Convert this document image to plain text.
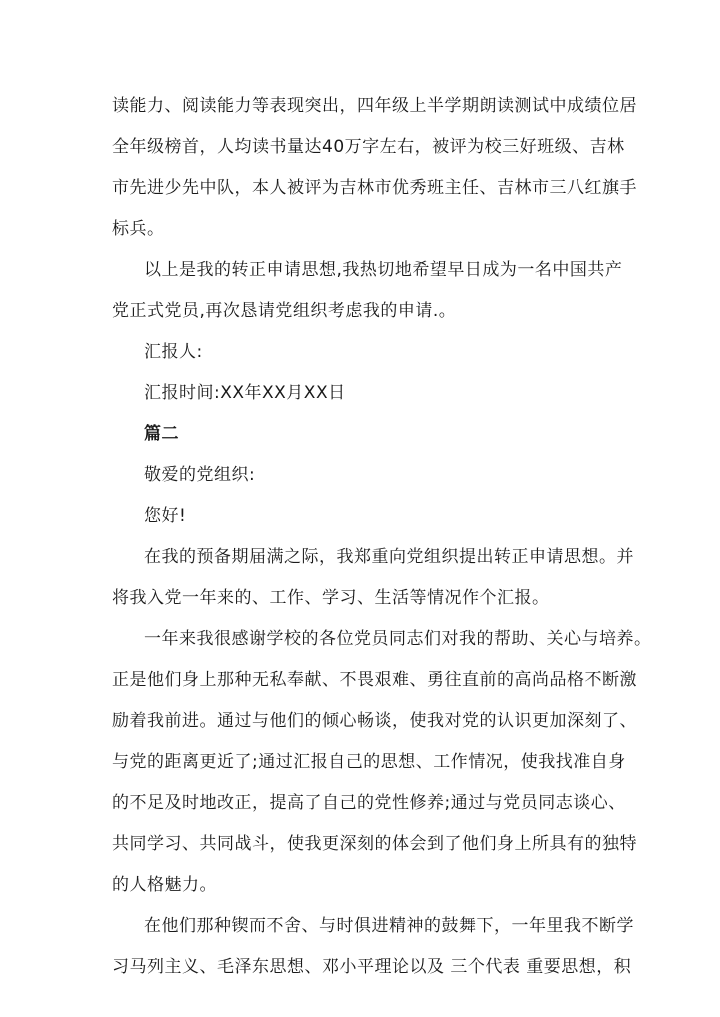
读能力、阅读能力等表现突出，四年级上半学期朗读测试中成绩位居
全年级榜首，人均读书量达40万字左右，被评为校三好班级、吉林
市先进少先中队，本人被评为吉林市优秀班主任、吉林市三八红旗手
标兵。
以上是我的转正申请思想,我热切地希望早日成为一名中国共产
党正式党员,再次恳请党组织考虑我的申请.。
汇报人:
汇报时间:XX年XX月XX日
篇二
敬爱的党组织:
您好!
在我的预备期届满之际，我郑重向党组织提出转正申请思想。并
将我入党一年来的、工作、学习、生活等情况作个汇报。
一年来我很感谢学校的各位党员同志们对我的帮助、关心与培养。
正是他们身上那种无私奉献、不畏艰难、勇往直前的高尚品格不断激
励着我前进。通过与他们的倾心畅谈，使我对党的认识更加深刻了、
与党的距离更近了;通过汇报自己的思想、工作情况，使我找准自身
的不足及时地改正，提高了自己的党性修养;通过与党员同志谈心、
共同学习、共同战斗，使我更深刻的体会到了他们身上所具有的独特
的人格魅力。
在他们那种锲而不舍、与时俱进精神的鼓舞下，一年里我不断学
习马列主义、毛泽东思想、邓小平理论以及 三个代表 重要思想，积
